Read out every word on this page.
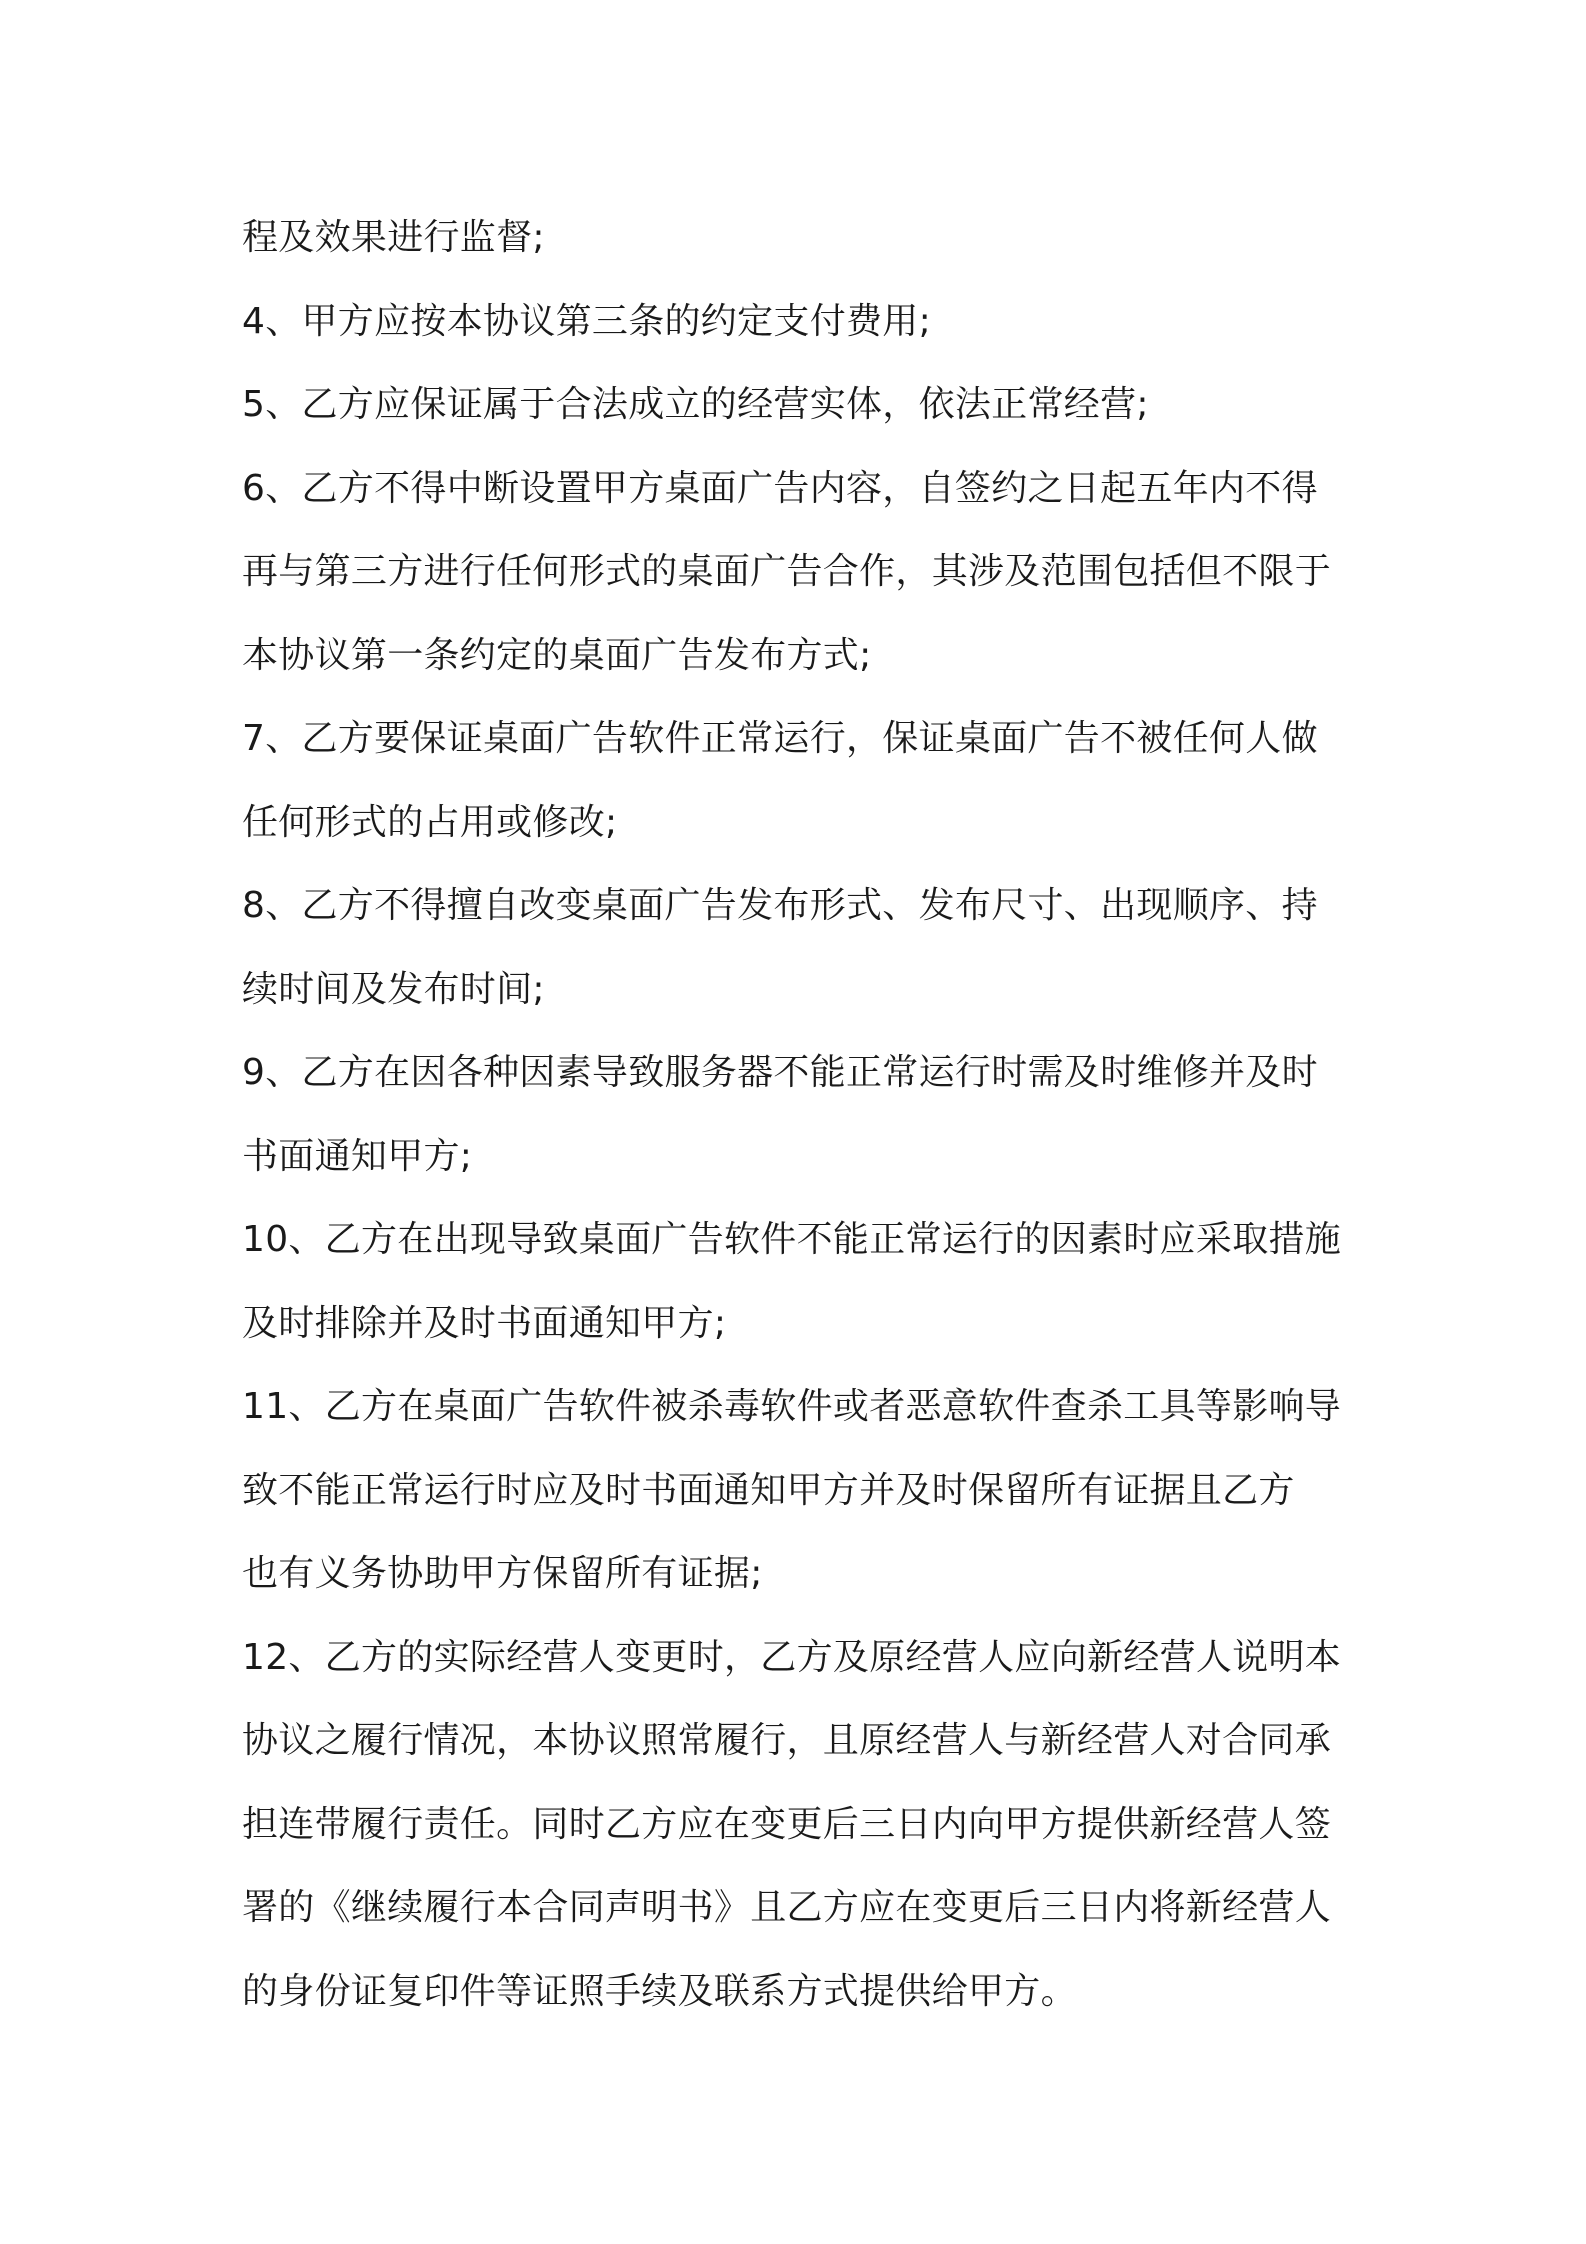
程及效果进行监督;
4、甲方应按本协议第三条的约定支付费用;
5、乙方应保证属于合法成立的经营实体，依法正常经营;
6、乙方不得中断设置甲方桌面广告内容，自签约之日起五年内不得
再与第三方进行任何形式的桌面广告合作，其涉及范围包括但不限于
本协议第一条约定的桌面广告发布方式;
7、乙方要保证桌面广告软件正常运行，保证桌面广告不被任何人做
任何形式的占用或修改;
8、乙方不得擅自改变桌面广告发布形式、发布尺寸、出现顺序、持
续时间及发布时间;
9、乙方在因各种因素导致服务器不能正常运行时需及时维修并及时
书面通知甲方;
10、乙方在出现导致桌面广告软件不能正常运行的因素时应采取措施
及时排除并及时书面通知甲方;
11、乙方在桌面广告软件被杀毒软件或者恶意软件查杀工具等影响导
致不能正常运行时应及时书面通知甲方并及时保留所有证据且乙方
也有义务协助甲方保留所有证据;
12、乙方的实际经营人变更时，乙方及原经营人应向新经营人说明本
协议之履行情况，本协议照常履行，且原经营人与新经营人对合同承
担连带履行责任。同时乙方应在变更后三日内向甲方提供新经营人签
署的《继续履行本合同声明书》且乙方应在变更后三日内将新经营人
的身份证复印件等证照手续及联系方式提供给甲方。
